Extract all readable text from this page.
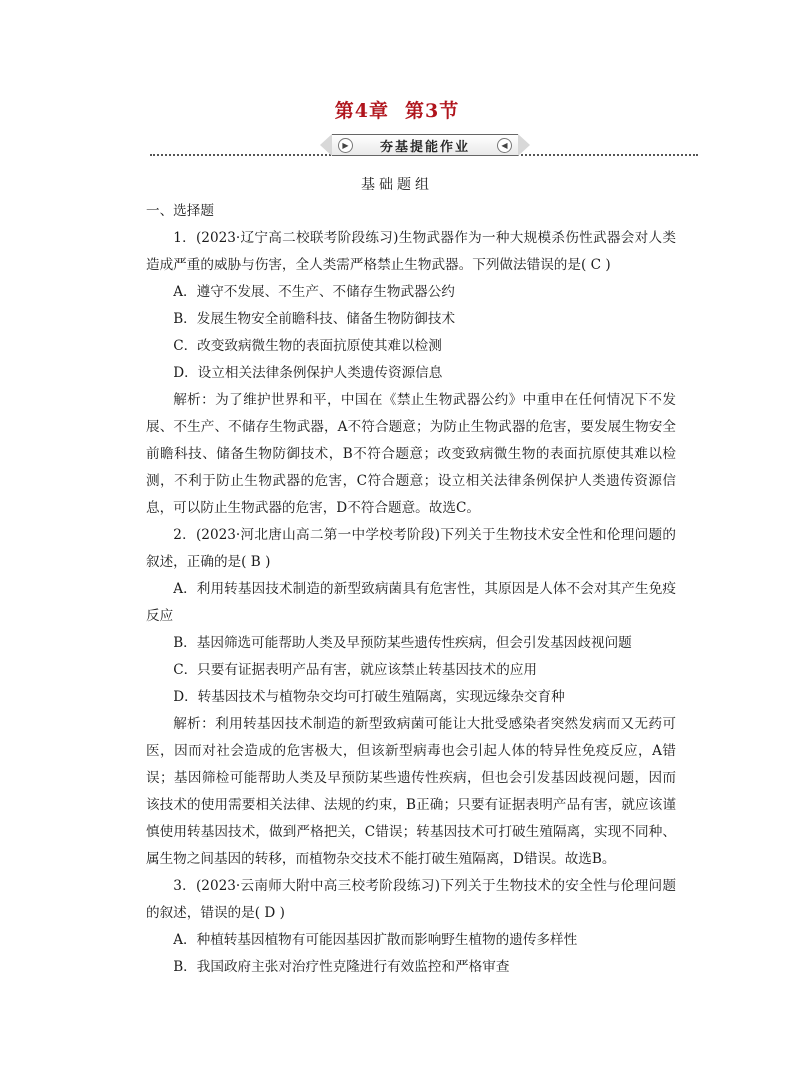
第4章 第3节
▶	夯基提能作业	◀
基础题组

一、选择题

1．(2023·辽宁高二校联考阶段练习)生物武器作为一种大规模杀伤性武器会对人类造成严重的威胁与伤害，全人类需严格禁止生物武器。下列做法错误的是( C )

A．遵守不发展、不生产、不储存生物武器公约

B．发展生物安全前瞻科技、储备生物防御技术

C．改变致病微生物的表面抗原使其难以检测

D．设立相关法律条例保护人类遗传资源信息

解析：为了维护世界和平，中国在《禁止生物武器公约》中重申在任何情况下不发展、不生产、不储存生物武器，A不符合题意；为防止生物武器的危害，要发展生物安全前瞻科技、储备生物防御技术，B不符合题意；改变致病微生物的表面抗原使其难以检测，不利于防止生物武器的危害，C符合题意；设立相关法律条例保护人类遗传资源信息，可以防止生物武器的危害，D不符合题意。故选C。

2．(2023·河北唐山高二第一中学校考阶段)下列关于生物技术安全性和伦理问题的叙述，正确的是( B )

A．利用转基因技术制造的新型致病菌具有危害性，其原因是人体不会对其产生免疫反应

B．基因筛选可能帮助人类及早预防某些遗传性疾病，但会引发基因歧视问题

C．只要有证据表明产品有害，就应该禁止转基因技术的应用

D．转基因技术与植物杂交均可打破生殖隔离，实现远缘杂交育种

解析：利用转基因技术制造的新型致病菌可能让大批受感染者突然发病而又无药可医，因而对社会造成的危害极大，但该新型病毒也会引起人体的特异性免疫反应，A错误；基因筛检可能帮助人类及早预防某些遗传性疾病，但也会引发基因歧视问题，因而该技术的使用需要相关法律、法规的约束，B正确；只要有证据表明产品有害，就应该谨慎使用转基因技术，做到严格把关，C错误；转基因技术可打破生殖隔离，实现不同种、属生物之间基因的转移，而植物杂交技术不能打破生殖隔离，D错误。故选B。

3．(2023·云南师大附中高三校考阶段练习)下列关于生物技术的安全性与伦理问题的叙述，错误的是( D )

A．种植转基因植物有可能因基因扩散而影响野生植物的遗传多样性

B．我国政府主张对治疗性克隆进行有效监控和严格审查
